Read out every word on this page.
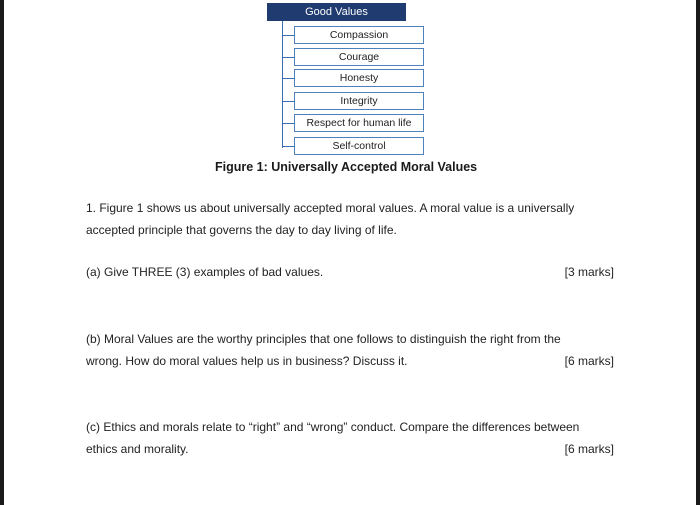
Good Values
Compassion
Courage
Honesty
Integrity
Respect for human life
Self-control
Figure 1: Universally Accepted Moral Values
1. Figure 1 shows us about universally accepted moral values. A moral value is a universally
accepted principle that governs the day to day living of life.
(a) Give THREE (3) examples of bad values.	[3 marks]
(b) Moral Values are the worthy principles that one follows to distinguish the right from the
wrong. How do moral values help us in business? Discuss it.	[6 marks]
(c) Ethics and morals relate to “right” and “wrong” conduct. Compare the differences between
ethics and morality.	[6 marks]
